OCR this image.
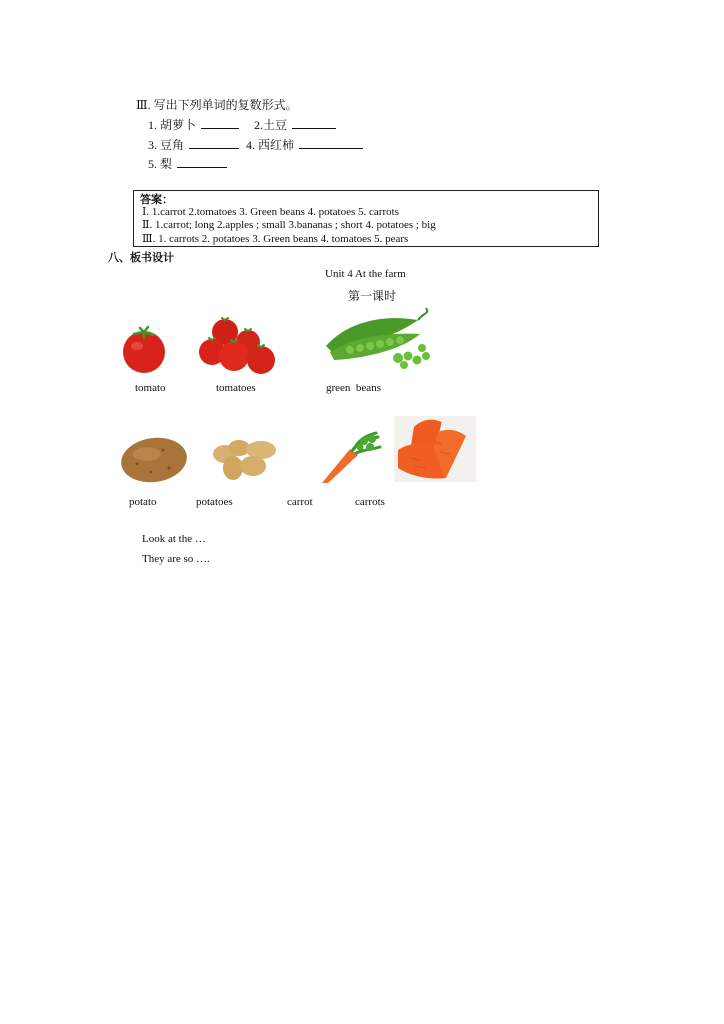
Ⅲ. 写出下列单词的复数形式。
1. 胡萝卜	2.土豆
3. 豆角	4. 西红柿
5. 梨
答案：
Ⅰ. 1.carrot 2.tomatoes 3. Green beans 4. potatoes 5. carrots
Ⅱ. 1.carrot; long 2.apples ; small 3.bananas ; short 4. potatoes ; big
Ⅲ. 1. carrots 2. potatoes 3. Green beans 4. tomatoes 5. pears
八、板书设计
Unit 4 At the farm
第一课时
tomato	tomatoes	green  beans
potato	potatoes	carrot	carrots
Look at the …
They are so ….
